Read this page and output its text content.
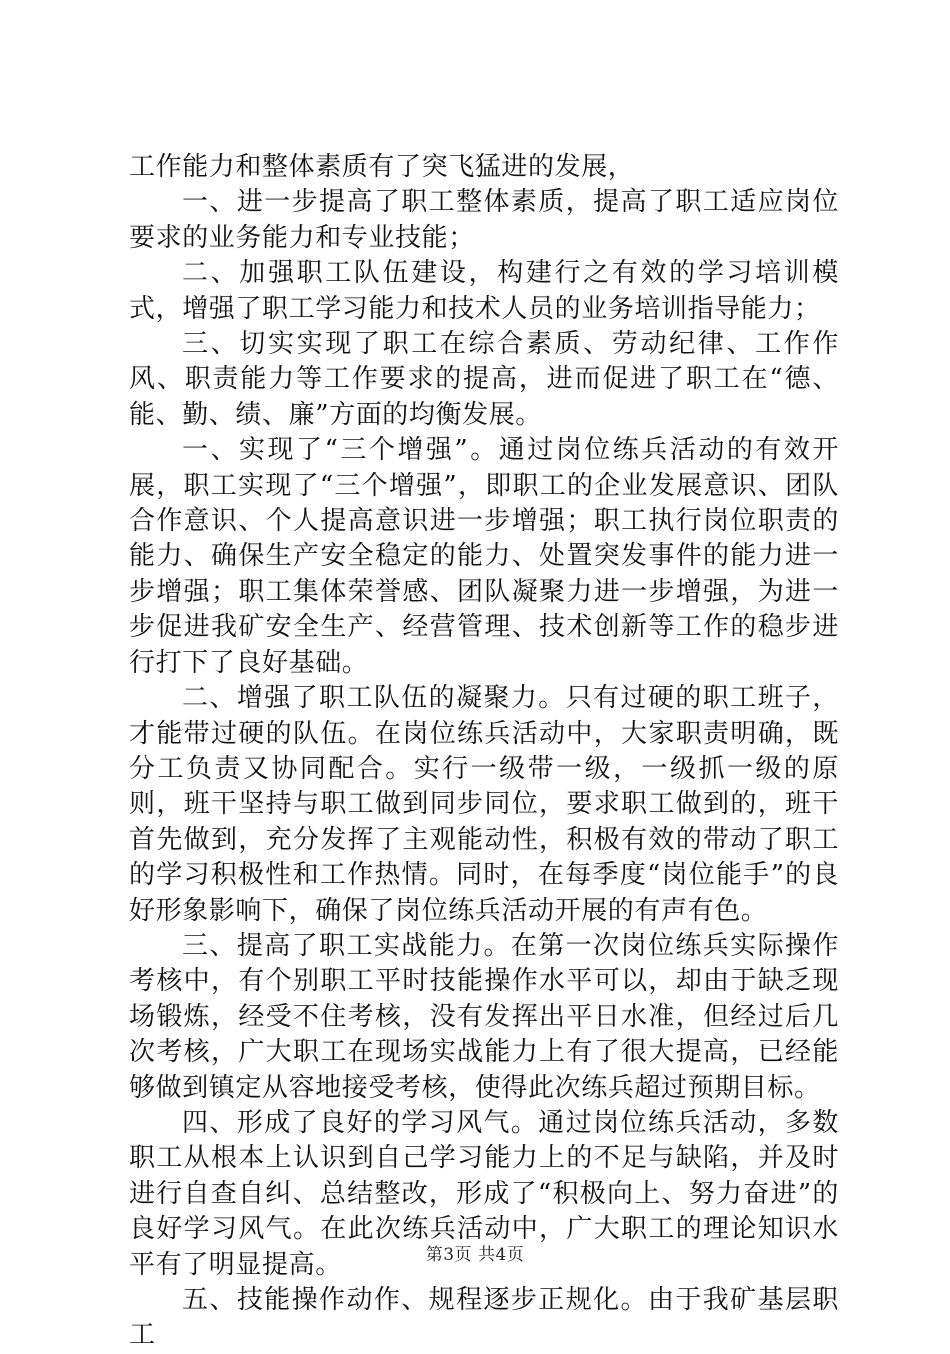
工作能力和整体素质有了突飞猛进的发展，

一、进一步提高了职工整体素质，提高了职工适应岗位要求的业务能力和专业技能；

二、加强职工队伍建设，构建行之有效的学习培训模式，增强了职工学习能力和技术人员的业务培训指导能力；

三、切实实现了职工在综合素质、劳动纪律、工作作风、职责能力等工作要求的提高，进而促进了职工在“德、能、勤、绩、廉”方面的均衡发展。

一、实现了“三个增强”。通过岗位练兵活动的有效开展，职工实现了“三个增强”，即职工的企业发展意识、团队合作意识、个人提高意识进一步增强；职工执行岗位职责的能力、确保生产安全稳定的能力、处置突发事件的能力进一步增强；职工集体荣誉感、团队凝聚力进一步增强，为进一步促进我矿安全生产、经营管理、技术创新等工作的稳步进行打下了良好基础。

二、增强了职工队伍的凝聚力。只有过硬的职工班子，才能带过硬的队伍。在岗位练兵活动中，大家职责明确，既分工负责又协同配合。实行一级带一级，一级抓一级的原则，班干坚持与职工做到同步同位，要求职工做到的，班干首先做到，充分发挥了主观能动性，积极有效的带动了职工的学习积极性和工作热情。同时，在每季度“岗位能手”的良好形象影响下，确保了岗位练兵活动开展的有声有色。

三、提高了职工实战能力。在第一次岗位练兵实际操作考核中，有个别职工平时技能操作水平可以，却由于缺乏现场锻炼，经受不住考核，没有发挥出平日水准，但经过后几次考核，广大职工在现场实战能力上有了很大提高，已经能够做到镇定从容地接受考核，使得此次练兵超过预期目标。

四、形成了良好的学习风气。通过岗位练兵活动，多数职工从根本上认识到自己学习能力上的不足与缺陷，并及时进行自查自纠、总结整改，形成了“积极向上、努力奋进”的良好学习风气。在此次练兵活动中，广大职工的理论知识水平有了明显提高。

五、技能操作动作、规程逐步正规化。由于我矿基层职工

第3页 共4页
